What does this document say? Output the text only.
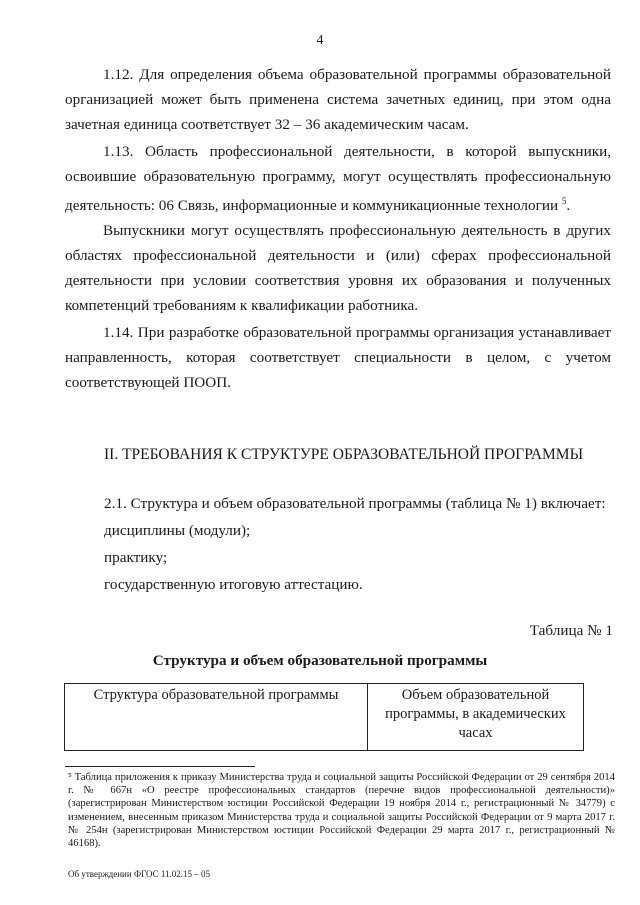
4

1.12. Для определения объема образовательной программы образовательной организацией может быть применена система зачетных единиц, при этом одна зачетная единица соответствует 32 – 36 академическим часам.

1.13. Область профессиональной деятельности, в которой выпускники, освоившие образовательную программу, могут осуществлять профессиональную деятельность: 06 Связь, информационные и коммуникационные технологии $^5$.

Выпускники могут осуществлять профессиональную деятельность в других областях профессиональной деятельности и (или) сферах профессиональной деятельности при условии соответствия уровня их образования и полученных компетенций требованиям к квалификации работника.

1.14. При разработке образовательной программы организация устанавливает направленность, которая соответствует специальности в целом, с учетом соответствующей ПООП.

II. ТРЕБОВАНИЯ К СТРУКТУРЕ ОБРАЗОВАТЕЛЬНОЙ ПРОГРАММЫ

2.1. Структура и объем образовательной программы (таблица № 1) включает:

дисциплины (модули);

практику;

государственную итоговую аттестацию.

Таблица № 1

Структура и объем образовательной программы

Структура образовательной программы	Объем образовательной программы, в академических часах

⁵ Таблица приложения к приказу Министерства труда и социальной защиты Российской Федерации от 29 сентября 2014 г. № 667н «О реестре профессиональных стандартов (перечне видов профессиональной деятельности)» (зарегистрирован Министерством юстиции Российской Федерации 19 ноября 2014 г., регистрационный № 34779) с изменением, внесенным приказом Министерства труда и социальной защиты Российской Федерации от 9 марта 2017 г. № 254н (зарегистрирован Министерством юстиции Российской Федерации 29 марта 2017 г., регистрационный № 46168).

Об утверждении ФГОС 11.02.15 – 05
